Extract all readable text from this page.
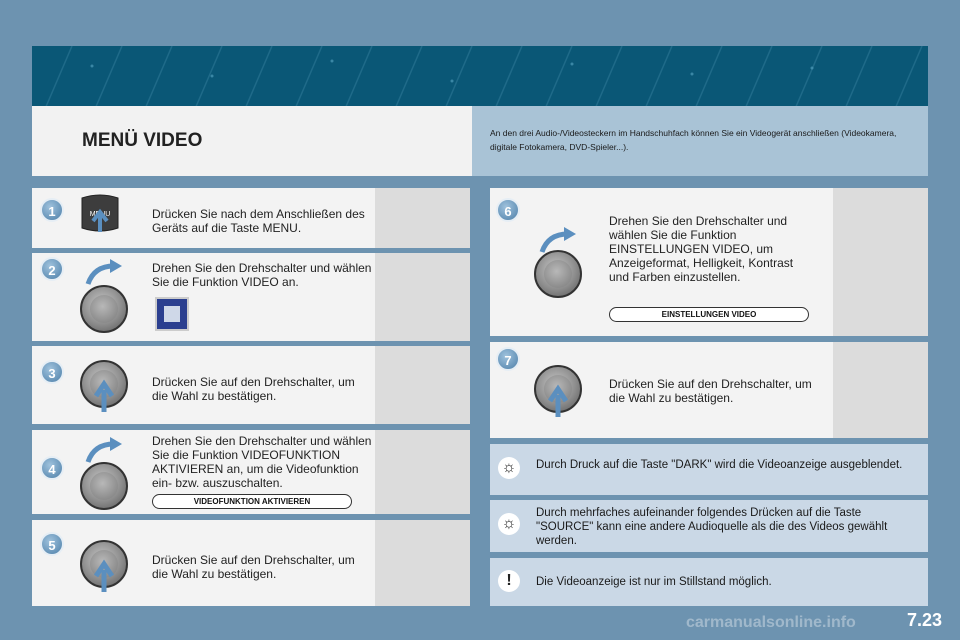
MENÜ VIDEO	An den drei Audio-/Videosteckern im Handschuhfach können Sie ein Videogerät anschließen (Videokamera, digitale Fotokamera, DVD-Spieler...).
1	MENU	Drücken Sie nach dem Anschließen des Geräts auf die Taste MENU.
2	Drehen Sie den Drehschalter und wählen Sie die Funktion VIDEO an.
3
Drücken Sie auf den Drehschalter, um die Wahl zu bestätigen.
4
Drehen Sie den Drehschalter und wählen Sie die Funktion VIDEOFUNKTION AKTIVIEREN an, um die Videofunktion ein- bzw. auszuschalten.
VIDEOFUNKTION AKTIVIEREN
5
Drücken Sie auf den Drehschalter, um die Wahl zu bestätigen.
6
Drehen Sie den Drehschalter und wählen Sie die Funktion EINSTELLUNGEN VIDEO, um Anzeigeformat, Helligkeit, Kontrast und Farben einzustellen.
EINSTELLUNGEN VIDEO
7
Drücken Sie auf den Drehschalter, um die Wahl zu bestätigen.
☼	Durch Druck auf die Taste "DARK" wird die Videoanzeige ausgeblendet.
☼
Durch mehrfaches aufeinander folgendes Drücken auf die Taste "SOURCE" kann eine andere Audioquelle als die des Videos gewählt werden.
!	Die Videoanzeige ist nur im Stillstand möglich.
carmanualsonline.info	7.23
